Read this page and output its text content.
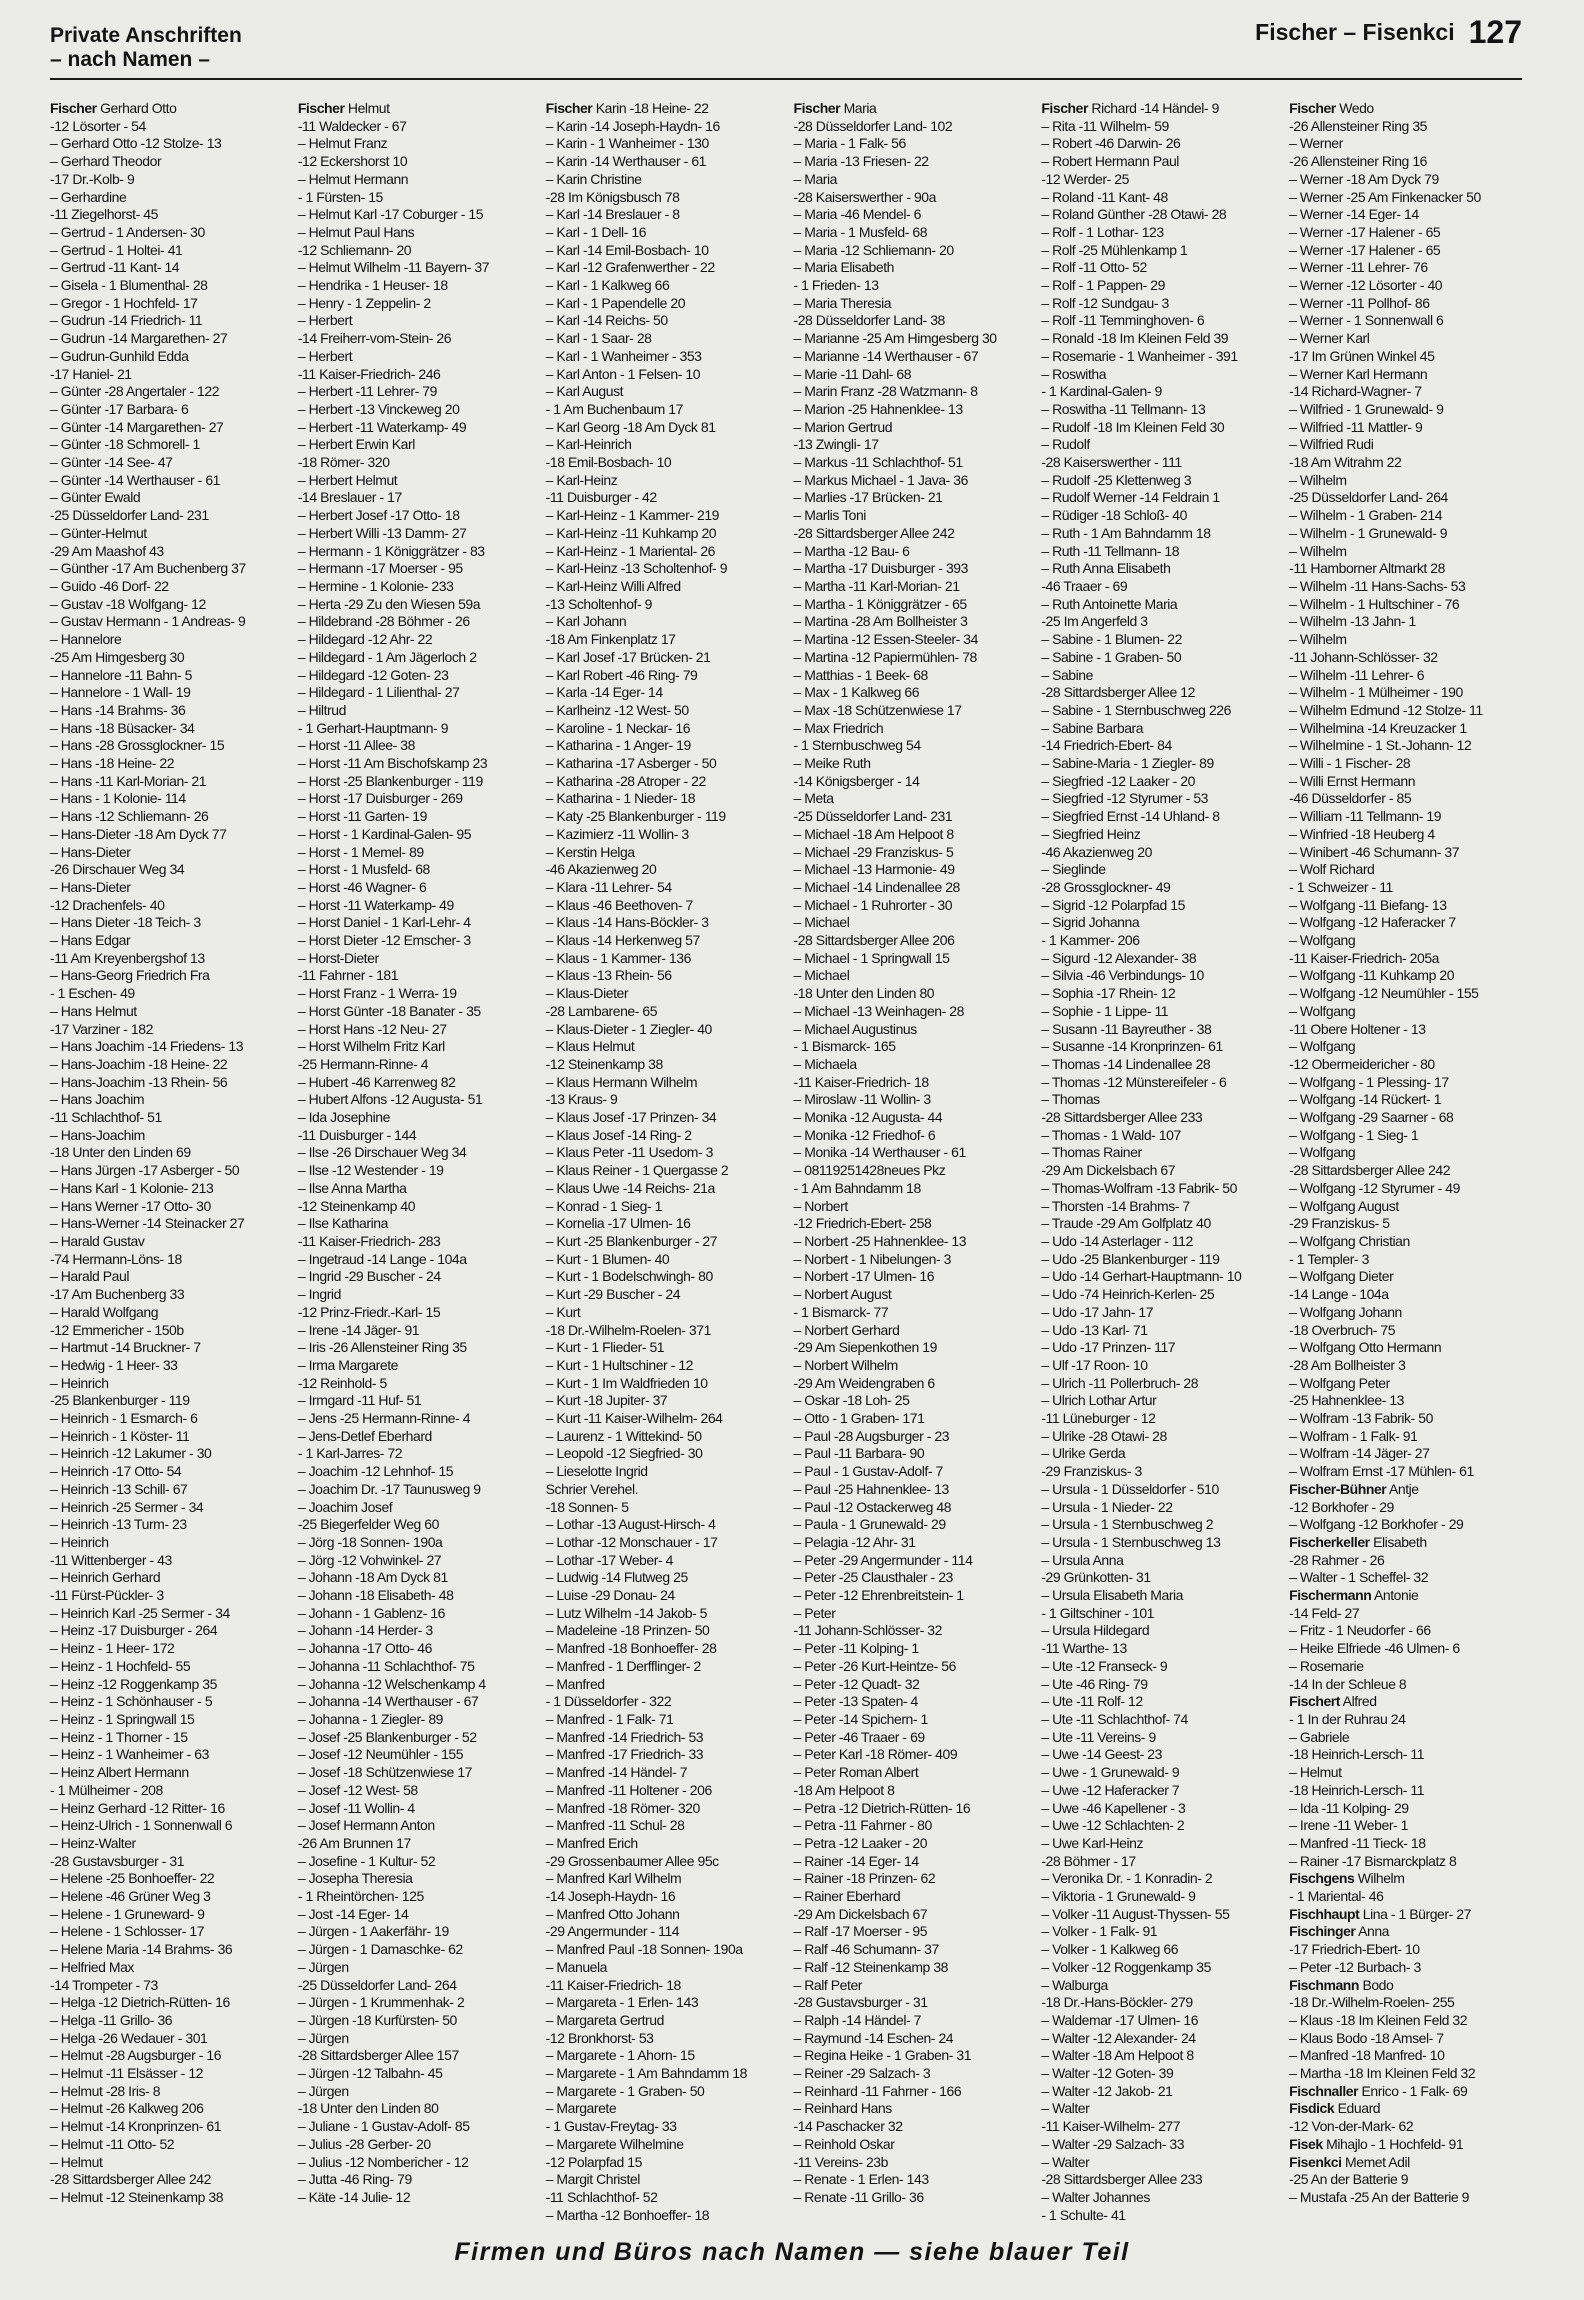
Private Anschriften
– nach Namen –
Fischer – Fisenkci 127
Fischer Gerhard Otto
-12 Lösorter - 54
– Gerhard Otto -12 Stolze- 13
– Gerhard Theodor
-17 Dr.-Kolb- 9
– Gerhardine
-11 Ziegelhorst- 45
– Gertrud - 1 Andersen- 30
– Gertrud - 1 Holtei- 41
– Gertrud -11 Kant- 14
– Gisela - 1 Blumenthal- 28
– Gregor - 1 Hochfeld- 17
– Gudrun -14 Friedrich- 11
– Gudrun -14 Margarethen- 27
– Gudrun-Gunhild Edda
-17 Haniel- 21
– Günter -28 Angertaler - 122
– Günter -17 Barbara- 6
– Günter -14 Margarethen- 27
– Günter -18 Schmorell- 1
– Günter -14 See- 47
– Günter -14 Werthauser - 61
– Günter Ewald
-25 Düsseldorfer Land- 231
– Günter-Helmut
-29 Am Maashof 43
– Günther -17 Am Buchenberg 37
– Guido -46 Dorf- 22
– Gustav -18 Wolfgang- 12
– Gustav Hermann - 1 Andreas- 9
– Hannelore
-25 Am Himgesberg 30
– Hannelore -11 Bahn- 5
– Hannelore - 1 Wall- 19
– Hans -14 Brahms- 36
– Hans -18 Büsacker- 34
– Hans -28 Grossglockner- 15
– Hans -18 Heine- 22
– Hans -11 Karl-Morian- 21
– Hans - 1 Kolonie- 114
– Hans -12 Schliemann- 26
– Hans-Dieter -18 Am Dyck 77
– Hans-Dieter
-26 Dirschauer Weg 34
– Hans-Dieter
-12 Drachenfels- 40
– Hans Dieter -18 Teich- 3
– Hans Edgar
-11 Am Kreyenbergshof 13
– Hans-Georg Friedrich Fra
- 1 Eschen- 49
– Hans Helmut
-17 Varziner - 182
– Hans Joachim -14 Friedens- 13
– Hans-Joachim -18 Heine- 22
– Hans-Joachim -13 Rhein- 56
– Hans Joachim
-11 Schlachthof- 51
– Hans-Joachim
-18 Unter den Linden 69
– Hans Jürgen -17 Asberger - 50
– Hans Karl - 1 Kolonie- 213
– Hans Werner -17 Otto- 30
– Hans-Werner -14 Steinacker 27
– Harald Gustav
-74 Hermann-Löns- 18
– Harald Paul
-17 Am Buchenberg 33
– Harald Wolfgang
-12 Emmericher - 150b
– Hartmut -14 Bruckner- 7
– Hedwig - 1 Heer- 33
– Heinrich
-25 Blankenburger - 119
– Heinrich - 1 Esmarch- 6
– Heinrich - 1 Köster- 11
– Heinrich -12 Lakumer - 30
– Heinrich -17 Otto- 54
– Heinrich -13 Schill- 67
– Heinrich -25 Sermer - 34
– Heinrich -13 Turm- 23
– Heinrich
-11 Wittenberger - 43
– Heinrich Gerhard
-11 Fürst-Pückler- 3
– Heinrich Karl -25 Sermer - 34
– Heinz -17 Duisburger - 264
– Heinz - 1 Heer- 172
– Heinz - 1 Hochfeld- 55
– Heinz -12 Roggenkamp 35
– Heinz - 1 Schönhauser - 5
– Heinz - 1 Springwall 15
– Heinz - 1 Thorner - 15
– Heinz - 1 Wanheimer - 63
– Heinz Albert Hermann
- 1 Mülheimer - 208
– Heinz Gerhard -12 Ritter- 16
– Heinz-Ulrich - 1 Sonnenwall 6
– Heinz-Walter
-28 Gustavsburger - 31
– Helene -25 Bonhoeffer- 22
– Helene -46 Grüner Weg 3
– Helene - 1 Gruneward- 9
– Helene - 1 Schlosser- 17
– Helene Maria -14 Brahms- 36
– Helfried Max
-14 Trompeter - 73
– Helga -12 Dietrich-Rütten- 16
– Helga -11 Grillo- 36
– Helga -26 Wedauer - 301
– Helmut -28 Augsburger - 16
– Helmut -11 Elsässer - 12
– Helmut -28 Iris- 8
– Helmut -26 Kalkweg 206
– Helmut -14 Kronprinzen- 61
– Helmut -11 Otto- 52
– Helmut
-28 Sittardsberger Allee 242
– Helmut -12 Steinenkamp 38
Fischer Helmut
-11 Waldecker - 67
– Helmut Franz
-12 Eckershorst 10
– Helmut Hermann
- 1 Fürsten- 15
– Helmut Karl -17 Coburger - 15
– Helmut Paul Hans
-12 Schliemann- 20
– Helmut Wilhelm -11 Bayern- 37
– Hendrika - 1 Heuser- 18
– Henry - 1 Zeppelin- 2
– Herbert
-14 Freiherr-vom-Stein- 26
– Herbert
-11 Kaiser-Friedrich- 246
– Herbert -11 Lehrer- 79
– Herbert -13 Vinckeweg 20
– Herbert -11 Waterkamp- 49
– Herbert Erwin Karl
-18 Römer- 320
– Herbert Helmut
-14 Breslauer - 17
– Herbert Josef -17 Otto- 18
– Herbert Willi -13 Damm- 27
– Hermann - 1 Königgrätzer - 83
– Hermann -17 Moerser - 95
– Hermine - 1 Kolonie- 233
– Herta -29 Zu den Wiesen 59a
– Hildebrand -28 Böhmer - 26
– Hildegard -12 Ahr- 22
– Hildegard - 1 Am Jägerloch 2
– Hildegard -12 Goten- 23
– Hildegard - 1 Lilienthal- 27
– Hiltrud
- 1 Gerhart-Hauptmann- 9
– Horst -11 Allee- 38
– Horst -11 Am Bischofskamp 23
– Horst -25 Blankenburger - 119
– Horst -17 Duisburger - 269
– Horst -11 Garten- 19
– Horst - 1 Kardinal-Galen- 95
– Horst - 1 Memel- 89
– Horst - 1 Musfeld- 68
– Horst -46 Wagner- 6
– Horst -11 Waterkamp- 49
– Horst Daniel - 1 Karl-Lehr- 4
– Horst Dieter -12 Emscher- 3
– Horst-Dieter
-11 Fahrner - 181
– Horst Franz - 1 Werra- 19
– Horst Günter -18 Banater - 35
– Horst Hans -12 Neu- 27
– Horst Wilhelm Fritz Karl
-25 Hermann-Rinne- 4
– Hubert -46 Karrenweg 82
– Hubert Alfons -12 Augusta- 51
– Ida Josephine
-11 Duisburger - 144
– Ilse -26 Dirschauer Weg 34
– Ilse -12 Westender - 19
– Ilse Anna Martha
-12 Steinenkamp 40
– Ilse Katharina
-11 Kaiser-Friedrich- 283
– Ingetraud -14 Lange - 104a
– Ingrid -29 Buscher - 24
– Ingrid
-12 Prinz-Friedr.-Karl- 15
– Irene -14 Jäger- 91
– Iris -26 Allensteiner Ring 35
– Irma Margarete
-12 Reinhold- 5
– Irmgard -11 Huf- 51
– Jens -25 Hermann-Rinne- 4
– Jens-Detlef Eberhard
- 1 Karl-Jarres- 72
– Joachim -12 Lehnhof- 15
– Joachim Dr. -17 Taunusweg 9
– Joachim Josef
-25 Biegerfelder Weg 60
– Jörg -18 Sonnen- 190a
– Jörg -12 Vohwinkel- 27
– Johann -18 Am Dyck 81
– Johann -18 Elisabeth- 48
– Johann - 1 Gablenz- 16
– Johann -14 Herder- 3
– Johanna -17 Otto- 46
– Johanna -11 Schlachthof- 75
– Johanna -12 Welschenkamp 4
– Johanna -14 Werthauser - 67
– Johanna - 1 Ziegler- 89
– Josef -25 Blankenburger - 52
– Josef -12 Neumühler - 155
– Josef -18 Schützenwiese 17
– Josef -12 West- 58
– Josef -11 Wollin- 4
– Josef Hermann Anton
-26 Am Brunnen 17
– Josefine - 1 Kultur- 52
– Josepha Theresia
- 1 Rheintörchen- 125
– Jost -14 Eger- 14
– Jürgen - 1 Aakerfähr- 19
– Jürgen - 1 Damaschke- 62
– Jürgen
-25 Düsseldorfer Land- 264
– Jürgen - 1 Krummenhak- 2
– Jürgen -18 Kurfürsten- 50
– Jürgen
-28 Sittardsberger Allee 157
– Jürgen -12 Talbahn- 45
– Jürgen
-18 Unter den Linden 80
– Juliane - 1 Gustav-Adolf- 85
– Julius -28 Gerber- 20
– Julius -12 Nombericher - 12
– Jutta -46 Ring- 79
– Käte -14 Julie- 12
Fischer Karin -18 Heine- 22
– Karin -14 Joseph-Haydn- 16
– Karin - 1 Wanheimer - 130
– Karin -14 Werthauser - 61
– Karin Christine
-28 Im Königsbusch 78
– Karl -14 Breslauer - 8
– Karl - 1 Dell- 16
– Karl -14 Emil-Bosbach- 10
– Karl -12 Grafenwerther - 22
– Karl - 1 Kalkweg 66
– Karl - 1 Papendelle 20
– Karl -14 Reichs- 50
– Karl - 1 Saar- 28
– Karl - 1 Wanheimer - 353
– Karl Anton - 1 Felsen- 10
– Karl August
- 1 Am Buchenbaum 17
– Karl Georg -18 Am Dyck 81
– Karl-Heinrich
-18 Emil-Bosbach- 10
– Karl-Heinz
-11 Duisburger - 42
– Karl-Heinz - 1 Kammer- 219
– Karl-Heinz -11 Kuhkamp 20
– Karl-Heinz - 1 Mariental- 26
– Karl-Heinz -13 Scholtenhof- 9
– Karl-Heinz Willi Alfred
-13 Scholtenhof- 9
– Karl Johann
-18 Am Finkenplatz 17
– Karl Josef -17 Brücken- 21
– Karl Robert -46 Ring- 79
– Karla -14 Eger- 14
– Karlheinz -12 West- 50
– Karoline - 1 Neckar- 16
– Katharina - 1 Anger- 19
– Katharina -17 Asberger - 50
– Katharina -28 Atroper - 22
– Katharina - 1 Nieder- 18
– Katy -25 Blankenburger - 119
– Kazimierz -11 Wollin- 3
– Kerstin Helga
-46 Akazienweg 20
– Klara -11 Lehrer- 54
– Klaus -46 Beethoven- 7
– Klaus -14 Hans-Böckler- 3
– Klaus -14 Herkenweg 57
– Klaus - 1 Kammer- 136
– Klaus -13 Rhein- 56
– Klaus-Dieter
-28 Lambarene- 65
– Klaus-Dieter - 1 Ziegler- 40
– Klaus Helmut
-12 Steinenkamp 38
– Klaus Hermann Wilhelm
-13 Kraus- 9
– Klaus Josef -17 Prinzen- 34
– Klaus Josef -14 Ring- 2
– Klaus Peter -11 Usedom- 3
– Klaus Reiner - 1 Quergasse 2
– Klaus Uwe -14 Reichs- 21a
– Konrad - 1 Sieg- 1
– Kornelia -17 Ulmen- 16
– Kurt -25 Blankenburger - 27
– Kurt - 1 Blumen- 40
– Kurt - 1 Bodelschwingh- 80
– Kurt -29 Buscher - 24
– Kurt
-18 Dr.-Wilhelm-Roelen- 371
– Kurt - 1 Flieder- 51
– Kurt - 1 Hultschiner - 12
– Kurt - 1 Im Waldfrieden 10
– Kurt -18 Jupiter- 37
– Kurt -11 Kaiser-Wilhelm- 264
– Laurenz - 1 Wittekind- 50
– Leopold -12 Siegfried- 30
– Lieselotte Ingrid
Schrier Verehel.
-18 Sonnen- 5
– Lothar -13 August-Hirsch- 4
– Lothar -12 Monschauer - 17
– Lothar -17 Weber- 4
– Ludwig -14 Flutweg 25
– Luise -29 Donau- 24
– Lutz Wilhelm -14 Jakob- 5
– Madeleine -18 Prinzen- 50
– Manfred -18 Bonhoeffer- 28
– Manfred - 1 Derfflinger- 2
– Manfred
- 1 Düsseldorfer - 322
– Manfred - 1 Falk- 71
– Manfred -14 Friedrich- 53
– Manfred -17 Friedrich- 33
– Manfred -14 Händel- 7
– Manfred -11 Holtener - 206
– Manfred -18 Römer- 320
– Manfred -11 Schul- 28
– Manfred Erich
-29 Grossenbaumer Allee 95c
– Manfred Karl Wilhelm
-14 Joseph-Haydn- 16
– Manfred Otto Johann
-29 Angermunder - 114
– Manfred Paul -18 Sonnen- 190a
– Manuela
-11 Kaiser-Friedrich- 18
– Margareta - 1 Erlen- 143
– Margareta Gertrud
-12 Bronkhorst- 53
– Margarete - 1 Ahorn- 15
– Margarete - 1 Am Bahndamm 18
– Margarete - 1 Graben- 50
– Margarete
- 1 Gustav-Freytag- 33
– Margarete Wilhelmine
-12 Polarpfad 15
– Margit Christel
-11 Schlachthof- 52
– Martha -12 Bonhoeffer- 18
Fischer Maria
-28 Düsseldorfer Land- 102
– Maria - 1 Falk- 56
– Maria -13 Friesen- 22
– Maria
-28 Kaiserswerther - 90a
– Maria -46 Mendel- 6
– Maria - 1 Musfeld- 68
– Maria -12 Schliemann- 20
– Maria Elisabeth
- 1 Frieden- 13
– Maria Theresia
-28 Düsseldorfer Land- 38
– Marianne -25 Am Himgesberg 30
– Marianne -14 Werthauser - 67
– Marie -11 Dahl- 68
– Marin Franz -28 Watzmann- 8
– Marion -25 Hahnenklee- 13
– Marion Gertrud
-13 Zwingli- 17
– Markus -11 Schlachthof- 51
– Markus Michael - 1 Java- 36
– Marlies -17 Brücken- 21
– Marlis Toni
-28 Sittardsberger Allee 242
– Martha -12 Bau- 6
– Martha -17 Duisburger - 393
– Martha -11 Karl-Morian- 21
– Martha - 1 Königgrätzer - 65
– Martina -28 Am Bollheister 3
– Martina -12 Essen-Steeler- 34
– Martina -12 Papiermühlen- 78
– Matthias - 1 Beek- 68
– Max - 1 Kalkweg 66
– Max -18 Schützenwiese 17
– Max Friedrich
- 1 Sternbuschweg 54
– Meike Ruth
-14 Königsberger - 14
– Meta
-25 Düsseldorfer Land- 231
– Michael -18 Am Helpoot 8
– Michael -29 Franziskus- 5
– Michael -13 Harmonie- 49
– Michael -14 Lindenallee 28
– Michael - 1 Ruhrorter - 30
– Michael
-28 Sittardsberger Allee 206
– Michael - 1 Springwall 15
– Michael
-18 Unter den Linden 80
– Michael -13 Weinhagen- 28
– Michael Augustinus
- 1 Bismarck- 165
– Michaela
-11 Kaiser-Friedrich- 18
– Miroslaw -11 Wollin- 3
– Monika -12 Augusta- 44
– Monika -12 Friedhof- 6
– Monika -14 Werthauser - 61
– 08119251428neues Pkz
- 1 Am Bahndamm 18
– Norbert
-12 Friedrich-Ebert- 258
– Norbert -25 Hahnenklee- 13
– Norbert - 1 Nibelungen- 3
– Norbert -17 Ulmen- 16
– Norbert August
- 1 Bismarck- 77
– Norbert Gerhard
-29 Am Siepenkothen 19
– Norbert Wilhelm
-29 Am Weidengraben 6
– Oskar -18 Loh- 25
– Otto - 1 Graben- 171
– Paul -28 Augsburger - 23
– Paul -11 Barbara- 90
– Paul - 1 Gustav-Adolf- 7
– Paul -25 Hahnenklee- 13
– Paul -12 Ostackerweg 48
– Paula - 1 Grunewald- 29
– Pelagia -12 Ahr- 31
– Peter -29 Angermunder - 114
– Peter -25 Clausthaler - 23
– Peter -12 Ehrenbreitstein- 1
– Peter
-11 Johann-Schlösser- 32
– Peter -11 Kolping- 1
– Peter -26 Kurt-Heintze- 56
– Peter -12 Quadt- 32
– Peter -13 Spaten- 4
– Peter -14 Spichern- 1
– Peter -46 Traaer - 69
– Peter Karl -18 Römer- 409
– Peter Roman Albert
-18 Am Helpoot 8
– Petra -12 Dietrich-Rütten- 16
– Petra -11 Fahrner - 80
– Petra -12 Laaker - 20
– Rainer -14 Eger- 14
– Rainer -18 Prinzen- 62
– Rainer Eberhard
-29 Am Dickelsbach 67
– Ralf -17 Moerser - 95
– Ralf -46 Schumann- 37
– Ralf -12 Steinenkamp 38
– Ralf Peter
-28 Gustavsburger - 31
– Ralph -14 Händel- 7
– Raymund -14 Eschen- 24
– Regina Heike - 1 Graben- 31
– Reiner -29 Salzach- 3
– Reinhard -11 Fahrner - 166
– Reinhard Hans
-14 Paschacker 32
– Reinhold Oskar
-11 Vereins- 23b
– Renate - 1 Erlen- 143
– Renate -11 Grillo- 36
Fischer Richard -14 Händel- 9
– Rita -11 Wilhelm- 59
– Robert -46 Darwin- 26
– Robert Hermann Paul
-12 Werder- 25
– Roland -11 Kant- 48
– Roland Günther -28 Otawi- 28
– Rolf - 1 Lothar- 123
– Rolf -25 Mühlenkamp 1
– Rolf -11 Otto- 52
– Rolf - 1 Pappen- 29
– Rolf -12 Sundgau- 3
– Rolf -11 Temminghoven- 6
– Ronald -18 Im Kleinen Feld 39
– Rosemarie - 1 Wanheimer - 391
– Roswitha
- 1 Kardinal-Galen- 9
– Roswitha -11 Tellmann- 13
– Rudolf -18 Im Kleinen Feld 30
– Rudolf
-28 Kaiserswerther - 111
– Rudolf -25 Klettenweg 3
– Rudolf Werner -14 Feldrain 1
– Rüdiger -18 Schloß- 40
– Ruth - 1 Am Bahndamm 18
– Ruth -11 Tellmann- 18
– Ruth Anna Elisabeth
-46 Traaer - 69
– Ruth Antoinette Maria
-25 Im Angerfeld 3
– Sabine - 1 Blumen- 22
– Sabine - 1 Graben- 50
– Sabine
-28 Sittardsberger Allee 12
– Sabine - 1 Sternbuschweg 226
– Sabine Barbara
-14 Friedrich-Ebert- 84
– Sabine-Maria - 1 Ziegler- 89
– Siegfried -12 Laaker - 20
– Siegfried -12 Styrumer - 53
– Siegfried Ernst -14 Uhland- 8
– Siegfried Heinz
-46 Akazienweg 20
– Sieglinde
-28 Grossglockner- 49
– Sigrid -12 Polarpfad 15
– Sigrid Johanna
- 1 Kammer- 206
– Sigurd -12 Alexander- 38
– Silvia -46 Verbindungs- 10
– Sophia -17 Rhein- 12
– Sophie - 1 Lippe- 11
– Susann -11 Bayreuther - 38
– Susanne -14 Kronprinzen- 61
– Thomas -14 Lindenallee 28
– Thomas -12 Münstereifeler - 6
– Thomas
-28 Sittardsberger Allee 233
– Thomas - 1 Wald- 107
– Thomas Rainer
-29 Am Dickelsbach 67
– Thomas-Wolfram -13 Fabrik- 50
– Thorsten -14 Brahms- 7
– Traude -29 Am Golfplatz 40
– Udo -14 Asterlager - 112
– Udo -25 Blankenburger - 119
– Udo -14 Gerhart-Hauptmann- 10
– Udo -74 Heinrich-Kerlen- 25
– Udo -17 Jahn- 17
– Udo -13 Karl- 71
– Udo -17 Prinzen- 117
– Ulf -17 Roon- 10
– Ulrich -11 Pollerbruch- 28
– Ulrich Lothar Artur
-11 Lüneburger - 12
– Ulrike -28 Otawi- 28
– Ulrike Gerda
-29 Franziskus- 3
– Ursula - 1 Düsseldorfer - 510
– Ursula - 1 Nieder- 22
– Ursula - 1 Sternbuschweg 2
– Ursula - 1 Sternbuschweg 13
– Ursula Anna
-29 Grünkotten- 31
– Ursula Elisabeth Maria
- 1 Giltschiner - 101
– Ursula Hildegard
-11 Warthe- 13
– Ute -12 Franseck- 9
– Ute -46 Ring- 79
– Ute -11 Rolf- 12
– Ute -11 Schlachthof- 74
– Ute -11 Vereins- 9
– Uwe -14 Geest- 23
– Uwe - 1 Grunewald- 9
– Uwe -12 Haferacker 7
– Uwe -46 Kapellener - 3
– Uwe -12 Schlachten- 2
– Uwe Karl-Heinz
-28 Böhmer - 17
– Veronika Dr. - 1 Konradin- 2
– Viktoria - 1 Grunewald- 9
– Volker -11 August-Thyssen- 55
– Volker - 1 Falk- 91
– Volker - 1 Kalkweg 66
– Volker -12 Roggenkamp 35
– Walburga
-18 Dr.-Hans-Böckler- 279
– Waldemar -17 Ulmen- 16
– Walter -12 Alexander- 24
– Walter -18 Am Helpoot 8
– Walter -12 Goten- 39
– Walter -12 Jakob- 21
– Walter
-11 Kaiser-Wilhelm- 277
– Walter -29 Salzach- 33
– Walter
-28 Sittardsberger Allee 233
– Walter Johannes
- 1 Schulte- 41
Fischer Wedo
-26 Allensteiner Ring 35
– Werner
-26 Allensteiner Ring 16
– Werner -18 Am Dyck 79
– Werner -25 Am Finkenacker 50
– Werner -14 Eger- 14
– Werner -17 Halener - 65
– Werner -17 Halener - 65
– Werner -11 Lehrer- 76
– Werner -12 Lösorter - 40
– Werner -11 Pollhof- 86
– Werner - 1 Sonnenwall 6
– Werner Karl
-17 Im Grünen Winkel 45
– Werner Karl Hermann
-14 Richard-Wagner- 7
– Wilfried - 1 Grunewald- 9
– Wilfried -11 Mattler- 9
– Wilfried Rudi
-18 Am Witrahm 22
– Wilhelm
-25 Düsseldorfer Land- 264
– Wilhelm - 1 Graben- 214
– Wilhelm - 1 Grunewald- 9
– Wilhelm
-11 Hamborner Altmarkt 28
– Wilhelm -11 Hans-Sachs- 53
– Wilhelm - 1 Hultschiner - 76
– Wilhelm -13 Jahn- 1
– Wilhelm
-11 Johann-Schlösser- 32
– Wilhelm -11 Lehrer- 6
– Wilhelm - 1 Mülheimer - 190
– Wilhelm Edmund -12 Stolze- 11
– Wilhelmina -14 Kreuzacker 1
– Wilhelmine - 1 St.-Johann- 12
– Willi - 1 Fischer- 28
– Willi Ernst Hermann
-46 Düsseldorfer - 85
– William -11 Tellmann- 19
– Winfried -18 Heuberg 4
– Winibert -46 Schumann- 37
– Wolf Richard
- 1 Schweizer - 11
– Wolfgang -11 Biefang- 13
– Wolfgang -12 Haferacker 7
– Wolfgang
-11 Kaiser-Friedrich- 205a
– Wolfgang -11 Kuhkamp 20
– Wolfgang -12 Neumühler - 155
– Wolfgang
-11 Obere Holtener - 13
– Wolfgang
-12 Obermeidericher - 80
– Wolfgang - 1 Plessing- 17
– Wolfgang -14 Rückert- 1
– Wolfgang -29 Saarner - 68
– Wolfgang - 1 Sieg- 1
– Wolfgang
-28 Sittardsberger Allee 242
– Wolfgang -12 Styrumer - 49
– Wolfgang August
-29 Franziskus- 5
– Wolfgang Christian
- 1 Templer- 3
– Wolfgang Dieter
-14 Lange - 104a
– Wolfgang Johann
-18 Overbruch- 75
– Wolfgang Otto Hermann
-28 Am Bollheister 3
– Wolfgang Peter
-25 Hahnenklee- 13
– Wolfram -13 Fabrik- 50
– Wolfram - 1 Falk- 91
– Wolfram -14 Jäger- 27
– Wolfram Ernst -17 Mühlen- 61
Fischer-Bühner Antje
-12 Borkhofer - 29
– Wolfgang -12 Borkhofer - 29
Fischerkeller Elisabeth
-28 Rahmer - 26
– Walter - 1 Scheffel- 32
Fischermann Antonie
-14 Feld- 27
– Fritz - 1 Neudorfer - 66
– Heike Elfriede -46 Ulmen- 6
– Rosemarie
-14 In der Schleue 8
Fischert Alfred
- 1 In der Ruhrau 24
– Gabriele
-18 Heinrich-Lersch- 11
– Helmut
-18 Heinrich-Lersch- 11
– Ida -11 Kolping- 29
– Irene -11 Weber- 1
– Manfred -11 Tieck- 18
– Rainer -17 Bismarckplatz 8
Fischgens Wilhelm
- 1 Mariental- 46
Fischhaupt Lina - 1 Bürger- 27
Fischinger Anna
-17 Friedrich-Ebert- 10
– Peter -12 Burbach- 3
Fischmann Bodo
-18 Dr.-Wilhelm-Roelen- 255
– Klaus -18 Im Kleinen Feld 32
– Klaus Bodo -18 Amsel- 7
– Manfred -18 Manfred- 10
– Martha -18 Im Kleinen Feld 32
Fischnaller Enrico - 1 Falk- 69
Fisdick Eduard
-12 Von-der-Mark- 62
Fisek Mihajlo - 1 Hochfeld- 91
Fisenkci Memet Adil
-25 An der Batterie 9
– Mustafa -25 An der Batterie 9
Firmen und Büros nach Namen — siehe blauer Teil
